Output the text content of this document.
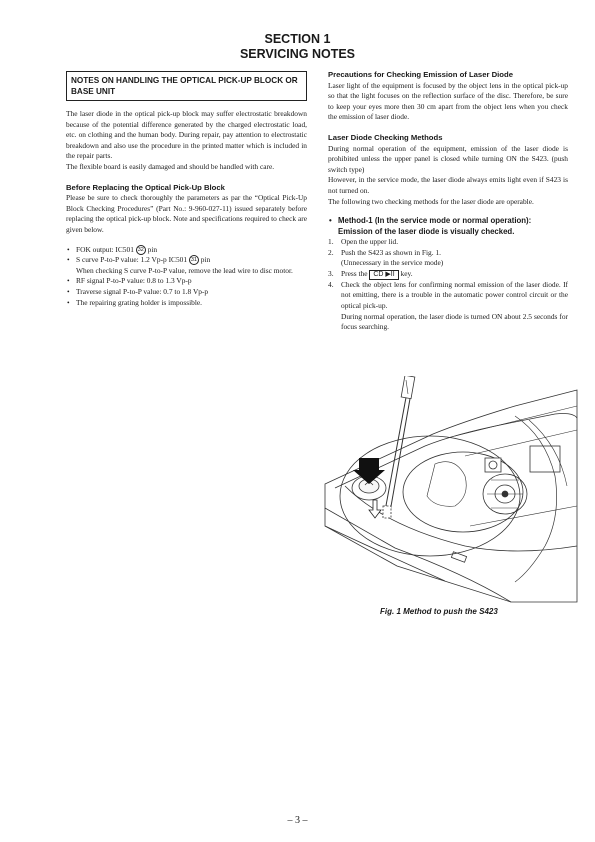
SECTION 1
SERVICING NOTES
NOTES ON HANDLING THE OPTICAL PICK-UP BLOCK OR BASE UNIT

The laser diode in the optical pick-up block may suffer electrostatic breakdown because of the potential difference generated by the charged electrostatic load, etc. on clothing and the human body. During repair, pay attention to electrostatic breakdown and also use the procedure in the printed matter which is included in the repair parts.

The flexible board is easily damaged and should be handled with care.

Before Replacing the Optical Pick-Up Block

Please be sure to check thoroughly the parameters as par the “Optical Pick-Up Block Checking Procedures” (Part No.: 9-960-027-11) issued separately before replacing the optical pick-up block. Note and specifications required to check are given below.

• FOK output: IC501 32 pin
• S curve P-to-P value: 1.2 Vp-p IC501 31 pin
When checking S curve P-to-P value, remove the lead wire to disc motor.
• RF signal P-to-P value: 0.8 to 1.3 Vp-p
• Traverse signal P-to-P value: 0.7 to 1.8 Vp-p
• The repairing grating holder is impossible.

Precautions for Checking Emission of Laser Diode

Laser light of the equipment is focused by the object lens in the optical pick-up so that the light focuses on the reflection surface of the disc. Therefore, be sure to keep your eyes more then 30 cm apart from the object lens when you check the emission of laser diode.

Laser Diode Checking Methods

During normal operation of the equipment, emission of the laser diode is prohibited unless the upper panel is closed while turning ON the S423. (push switch type)

However, in the service mode, the laser diode always emits light even if S423 is not turned on.

The following two checking methods for the laser diode are operable.

• Method-1 (In the service mode or normal operation): Emission of the laser diode is visually checked.
1. Open the upper lid.
2. Push the S423 as shown in Fig. 1.
(Unnecessary in the service mode)
3. Press the CD ▶II key.
4. Check the object lens for confirming normal emission of the laser diode. If not emitting, there is a trouble in the automatic power control circuit or the optical pick-up.
During normal operation, the laser diode is turned ON about 2.5 seconds for focus searching.
Fig. 1 Method to push the S423
– 3 –
